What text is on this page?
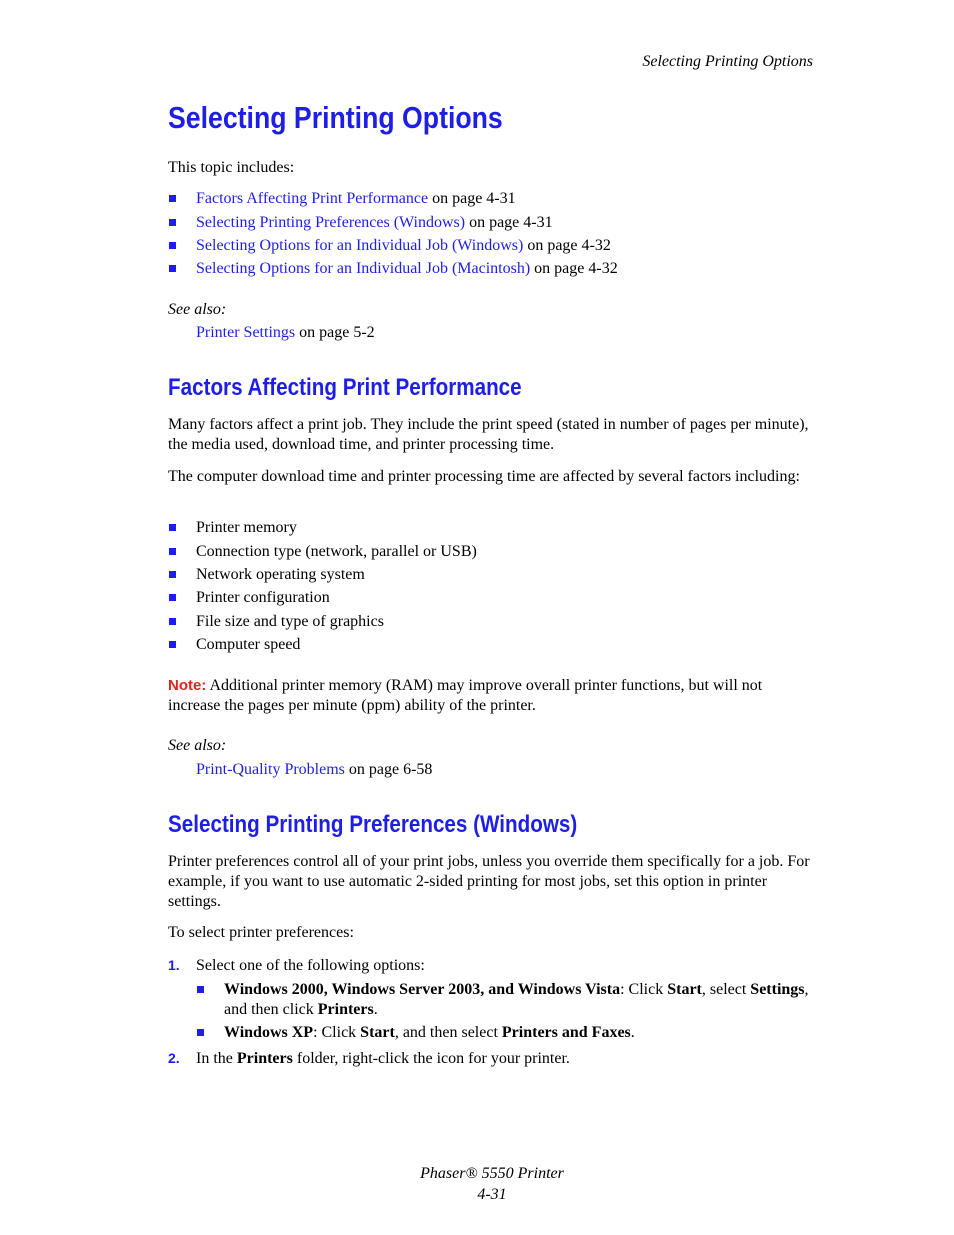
Selecting Printing Options
Selecting Printing Options

This topic includes:

Factors Affecting Print Performance on page 4-31

Selecting Printing Preferences (Windows) on page 4-31

Selecting Options for an Individual Job (Windows) on page 4-32

Selecting Options for an Individual Job (Macintosh) on page 4-32

See also:

Printer Settings on page 5-2

Factors Affecting Print Performance

Many factors affect a print job. They include the print speed (stated in number of pages per minute), the media used, download time, and printer processing time.

The computer download time and printer processing time are affected by several factors including:

Printer memory

Connection type (network, parallel or USB)

Network operating system

Printer configuration

File size and type of graphics

Computer speed

Note: Additional printer memory (RAM) may improve overall printer functions, but will not increase the pages per minute (ppm) ability of the printer.

See also:

Print-Quality Problems on page 6-58

Selecting Printing Preferences (Windows)

Printer preferences control all of your print jobs, unless you override them specifically for a job. For example, if you want to use automatic 2-sided printing for most jobs, set this option in printer settings.

To select printer preferences:

1. Select one of the following options:

Windows 2000, Windows Server 2003, and Windows Vista: Click Start, select Settings, and then click Printers.
Windows XP: Click Start, and then select Printers and Faxes.

2. In the Printers folder, right-click the icon for your printer.

Phaser® 5550 Printer
4-31
